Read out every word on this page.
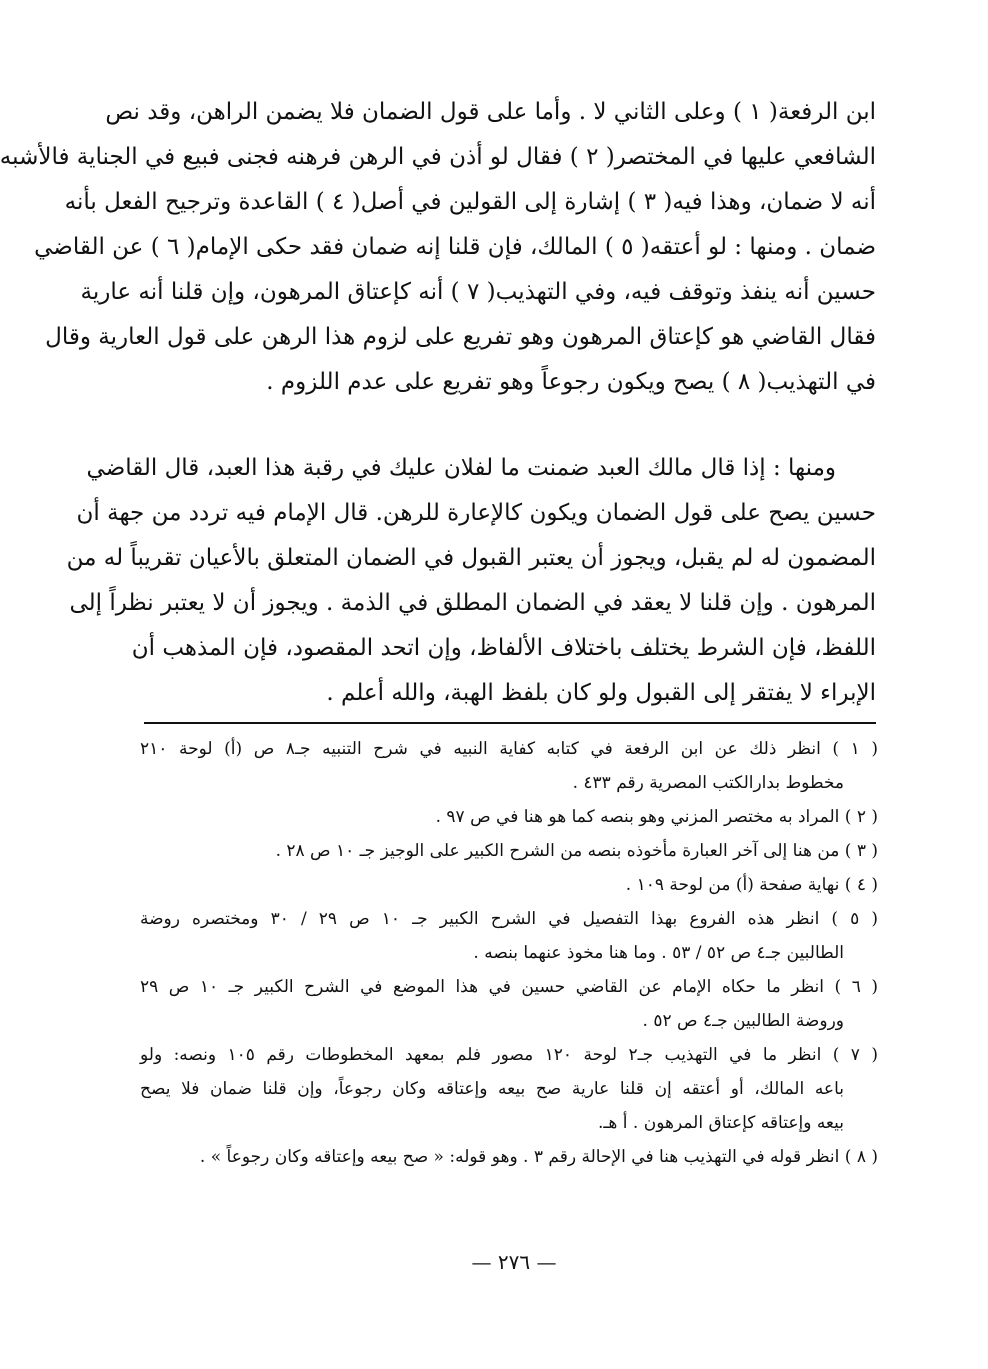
ابن الرفعة( ١ ) وعلى الثاني لا . وأما على قول الضمان فلا يضمن الراهن، وقد نص
الشافعي عليها في المختصر( ٢ ) فقال لو أذن في الرهن فرهنه فجنى فبيع في الجناية فالأشبه
أنه لا ضمان، وهذا فيه( ٣ ) إشارة إلى القولين في أصل( ٤ ) القاعدة وترجيح الفعل بأنه
ضمان . ومنها : لو أعتقه( ٥ ) المالك، فإن قلنا إنه ضمان فقد حكى الإمام( ٦ ) عن القاضي
حسين أنه ينفذ وتوقف فيه، وفي التهذيب( ٧ ) أنه كإعتاق المرهون، وإن قلنا أنه عارية
فقال القاضي هو كإعتاق المرهون وهو تفريع على لزوم هذا الرهن على قول العارية وقال
في التهذيب( ٨ ) يصح ويكون رجوعاً وهو تفريع على عدم اللزوم .
ومنها : إذا قال مالك العبد ضمنت ما لفلان عليك في رقبة هذا العبد، قال القاضي
حسين يصح على قول الضمان ويكون كالإعارة للرهن. قال الإمام فيه تردد من جهة أن
المضمون له لم يقبل، ويجوز أن يعتبر القبول في الضمان المتعلق بالأعيان تقريباً له من
المرهون . وإن قلنا لا يعقد في الضمان المطلق في الذمة . ويجوز أن لا يعتبر نظراً إلى
اللفظ، فإن الشرط يختلف باختلاف الألفاظ، وإن اتحد المقصود، فإن المذهب أن
الإبراء لا يفتقر إلى القبول ولو كان بلفظ الهبة، والله أعلم .
( ١ ) انظر ذلك عن ابن الرفعة في كتابه كفاية النبيه في شرح التنبيه جـ٨ ص (أ) لوحة ٢١٠
مخطوط بدارالكتب المصرية رقم ٤٣٣ .
( ٢ ) المراد به مختصر المزني وهو بنصه كما هو هنا في ص ٩٧ .
( ٣ ) من هنا إلى آخر العبارة مأخوذه بنصه من الشرح الكبير على الوجيز جـ ١٠ ص ٢٨ .
( ٤ ) نهاية صفحة (أ) من لوحة ١٠٩ .
( ٥ ) انظر هذه الفروع بهذا التفصيل في الشرح الكبير جـ ١٠ ص ٢٩ / ٣٠ ومختصره روضة
الطالبين جـ٤ ص ٥٢ / ٥٣ . وما هنا مخوذ عنهما بنصه .
( ٦ ) انظر ما حكاه الإمام عن القاضي حسين في هذا الموضع في الشرح الكبير جـ ١٠ ص ٢٩
وروضة الطالبين جـ٤ ص ٥٢ .
( ٧ ) انظر ما في التهذيب جـ٢ لوحة ١٢٠ مصور فلم بمعهد المخطوطات رقم ١٠٥ ونصه: ولو
باعه المالك، أو أعتقه إن قلنا عارية صح بيعه وإعتاقه وكان رجوعاً، وإن قلنا ضمان فلا يصح
بيعه وإعتاقه كإعتاق المرهون . أ هـ.
( ٨ ) انظر قوله في التهذيب هنا في الإحالة رقم ٣ . وهو قوله: « صح بيعه وإعتاقه وكان رجوعاً » .
— ٢٧٦ —
